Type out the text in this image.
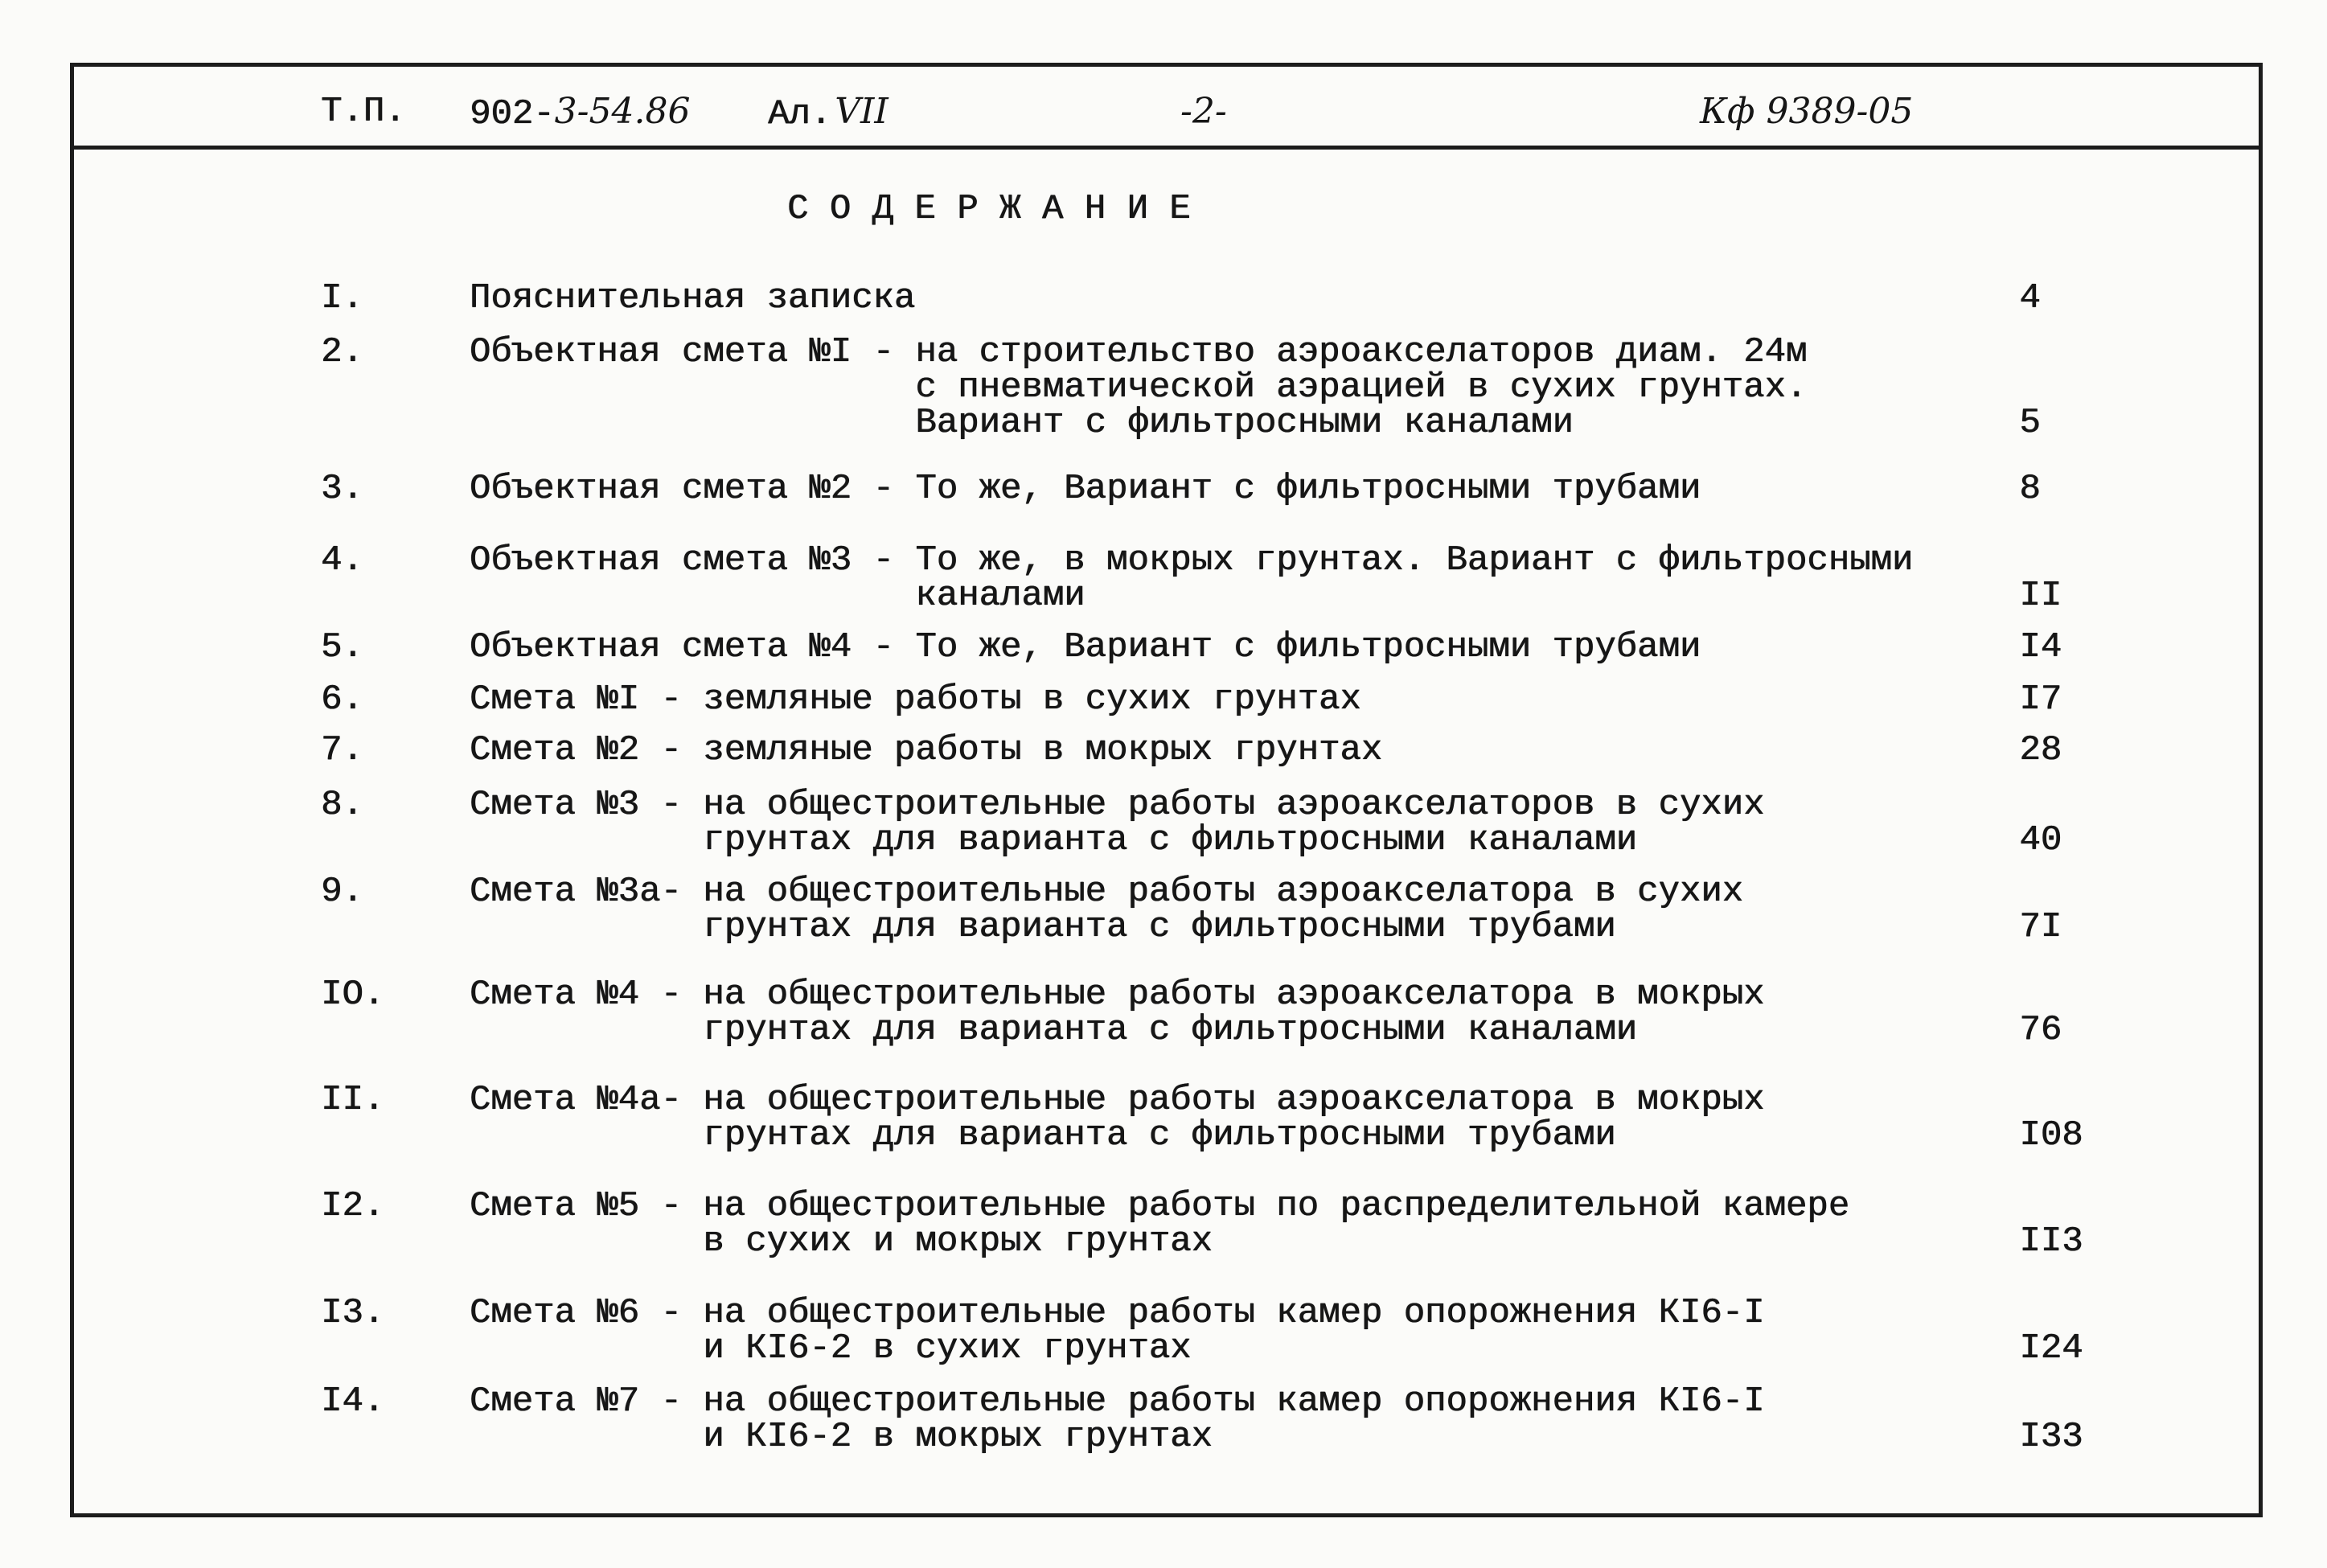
Т.П. 902-3-54.86 Ал. VII	-2-	Кф 9389-05
С О Д Е Р Ж А Н И Е
I.	Пояснительная записка	4
2.	Объектная смета №I - на строительство аэроакселаторов диам. 24м
с пневматической аэрацией в сухих грунтах.
Вариант с фильтросными каналами	5
3.	Объектная смета №2 - То же, Вариант с фильтросными трубами	8
4.	Объектная смета №3 - То же, в мокрых грунтах. Вариант с фильтросными
каналами	II
5.	Объектная смета №4 - То же, Вариант с фильтросными трубами	I4
6.	Смета №I - земляные работы в сухих грунтах	I7
7.	Смета №2 - земляные работы в мокрых грунтах	28
8.	Смета №3 - на общестроительные работы аэроакселаторов в сухих
грунтах для варианта с фильтросными каналами	40
9.	Смета №3а- на общестроительные работы аэроакселатора в сухих
грунтах для варианта с фильтросными трубами	7I
IO.	Смета №4 - на общестроительные работы аэроакселатора в мокрых
грунтах для варианта с фильтросными каналами	76
II.	Смета №4а- на общестроительные работы аэроакселатора в мокрых
грунтах для варианта с фильтросными трубами	I08
I2.	Смета №5 - на общестроительные работы по распределительной камере
в сухих и мокрых грунтах	II3
I3.	Смета №6 - на общестроительные работы камер опорожнения КI6-I
и КI6-2 в сухих грунтах	I24
I4.	Смета №7 - на общестроительные работы камер опорожнения КI6-I
и КI6-2 в мокрых грунтах	I33
